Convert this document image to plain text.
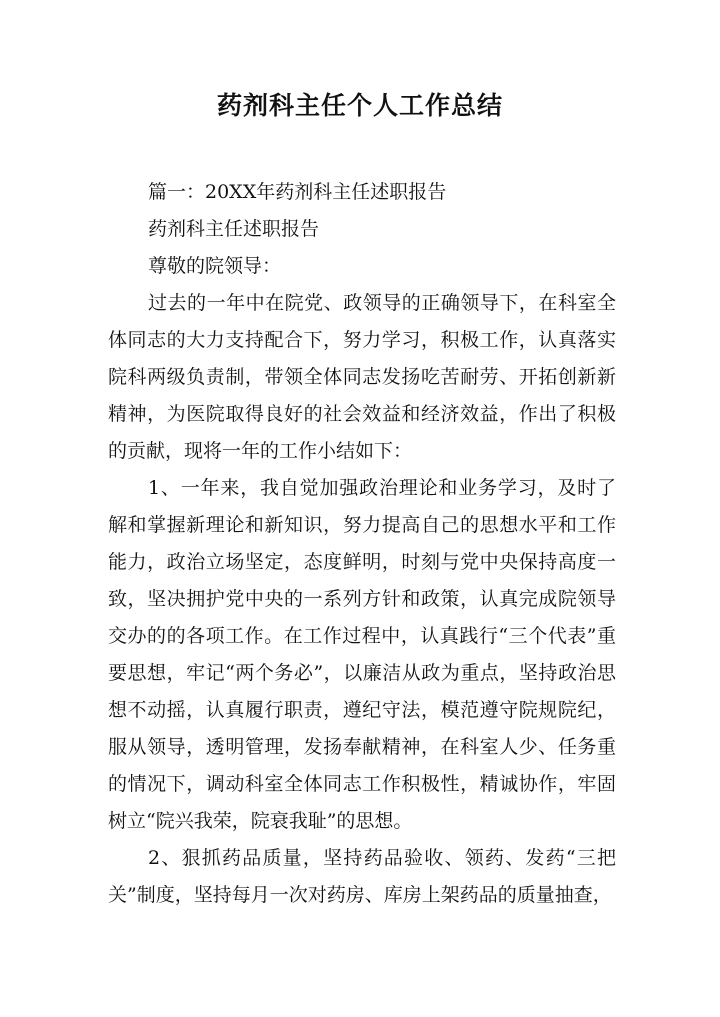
药剂科主任个人工作总结

篇一：20XX年药剂科主任述职报告

药剂科主任述职报告

尊敬的院领导：

过去的一年中在院党、政领导的正确领导下，在科室全体同志的大力支持配合下，努力学习，积极工作，认真落实院科两级负责制，带领全体同志发扬吃苦耐劳、开拓创新新精神，为医院取得良好的社会效益和经济效益，作出了积极的贡献，现将一年的工作小结如下：

1、一年来，我自觉加强政治理论和业务学习，及时了解和掌握新理论和新知识，努力提高自己的思想水平和工作能力，政治立场坚定，态度鲜明，时刻与党中央保持高度一致，坚决拥护党中央的一系列方针和政策，认真完成院领导交办的的各项工作。在工作过程中，认真践行“三个代表”重要思想，牢记“两个务必”，以廉洁从政为重点，坚持政治思想不动摇，认真履行职责，遵纪守法，模范遵守院规院纪，服从领导，透明管理，发扬奉献精神，在科室人少、任务重的情况下，调动科室全体同志工作积极性，精诚协作，牢固树立“院兴我荣，院衰我耻”的思想。

2、狠抓药品质量，坚持药品验收、领药、发药“三把关”制度，坚持每月一次对药房、库房上架药品的质量抽查，
